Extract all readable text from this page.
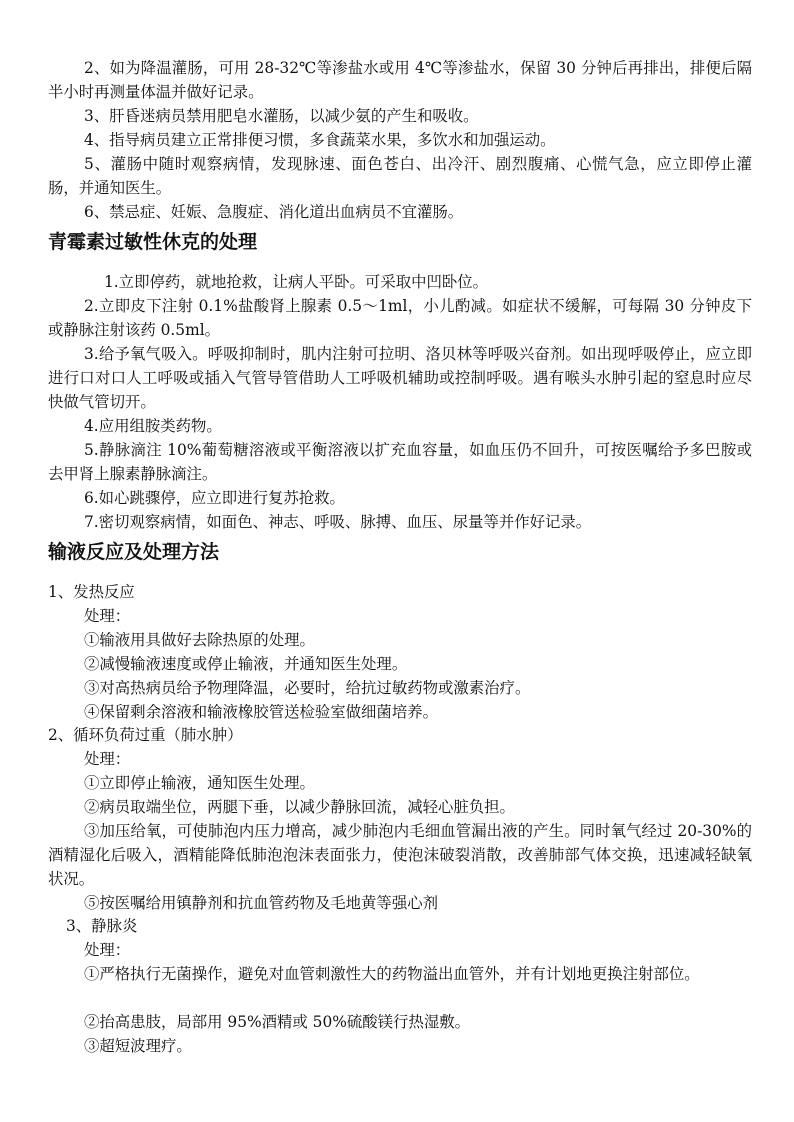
2、如为降温灌肠，可用 28-32℃等渗盐水或用 4℃等渗盐水，保留 30 分钟后再排出，排便后隔半小时再测量体温并做好记录。

3、肝昏迷病员禁用肥皂水灌肠，以减少氨的产生和吸收。

4、指导病员建立正常排便习惯，多食蔬菜水果，多饮水和加强运动。

5、灌肠中随时观察病情，发现脉速、面色苍白、出冷汗、剧烈腹痛、心慌气急，应立即停止灌肠，并通知医生。

6、禁忌症、妊娠、急腹症、消化道出血病员不宜灌肠。

青霉素过敏性休克的处理

1.立即停药，就地抢救，让病人平卧。可采取中凹卧位。

2.立即皮下注射 0.1%盐酸肾上腺素 0.5～1ml，小儿酌减。如症状不缓解，可每隔 30 分钟皮下或静脉注射该药 0.5ml。

3.给予氧气吸入。呼吸抑制时，肌内注射可拉明、洛贝林等呼吸兴奋剂。如出现呼吸停止，应立即进行口对口人工呼吸或插入气管导管借助人工呼吸机辅助或控制呼吸。遇有喉头水肿引起的窒息时应尽快做气管切开。

4.应用组胺类药物。

5.静脉滴注 10%葡萄糖溶液或平衡溶液以扩充血容量，如血压仍不回升，可按医嘱给予多巴胺或去甲肾上腺素静脉滴注。

6.如心跳骤停，应立即进行复苏抢救。

7.密切观察病情，如面色、神志、呼吸、脉搏、血压、尿量等并作好记录。

输液反应及处理方法

1、发热反应

处理：

①输液用具做好去除热原的处理。

②减慢输液速度或停止输液，并通知医生处理。

③对高热病员给予物理降温，必要时，给抗过敏药物或激素治疗。

④保留剩余溶液和输液橡胶管送检验室做细菌培养。

2、循环负荷过重（肺水肿）

处理：

①立即停止输液，通知医生处理。

②病员取端坐位，两腿下垂，以减少静脉回流，减轻心脏负担。

③加压给氧，可使肺泡内压力增高，减少肺泡内毛细血管漏出液的产生。同时氧气经过 20-30%的酒精湿化后吸入，酒精能降低肺泡泡沫表面张力，使泡沫破裂消散，改善肺部气体交换，迅速减轻缺氧状况。

⑤按医嘱给用镇静剂和抗血管药物及毛地黄等强心剂

3、静脉炎

处理：

①严格执行无菌操作，避免对血管刺激性大的药物溢出血管外，并有计划地更换注射部位。

②抬高患肢，局部用 95%酒精或 50%硫酸镁行热湿敷。

③超短波理疗。
